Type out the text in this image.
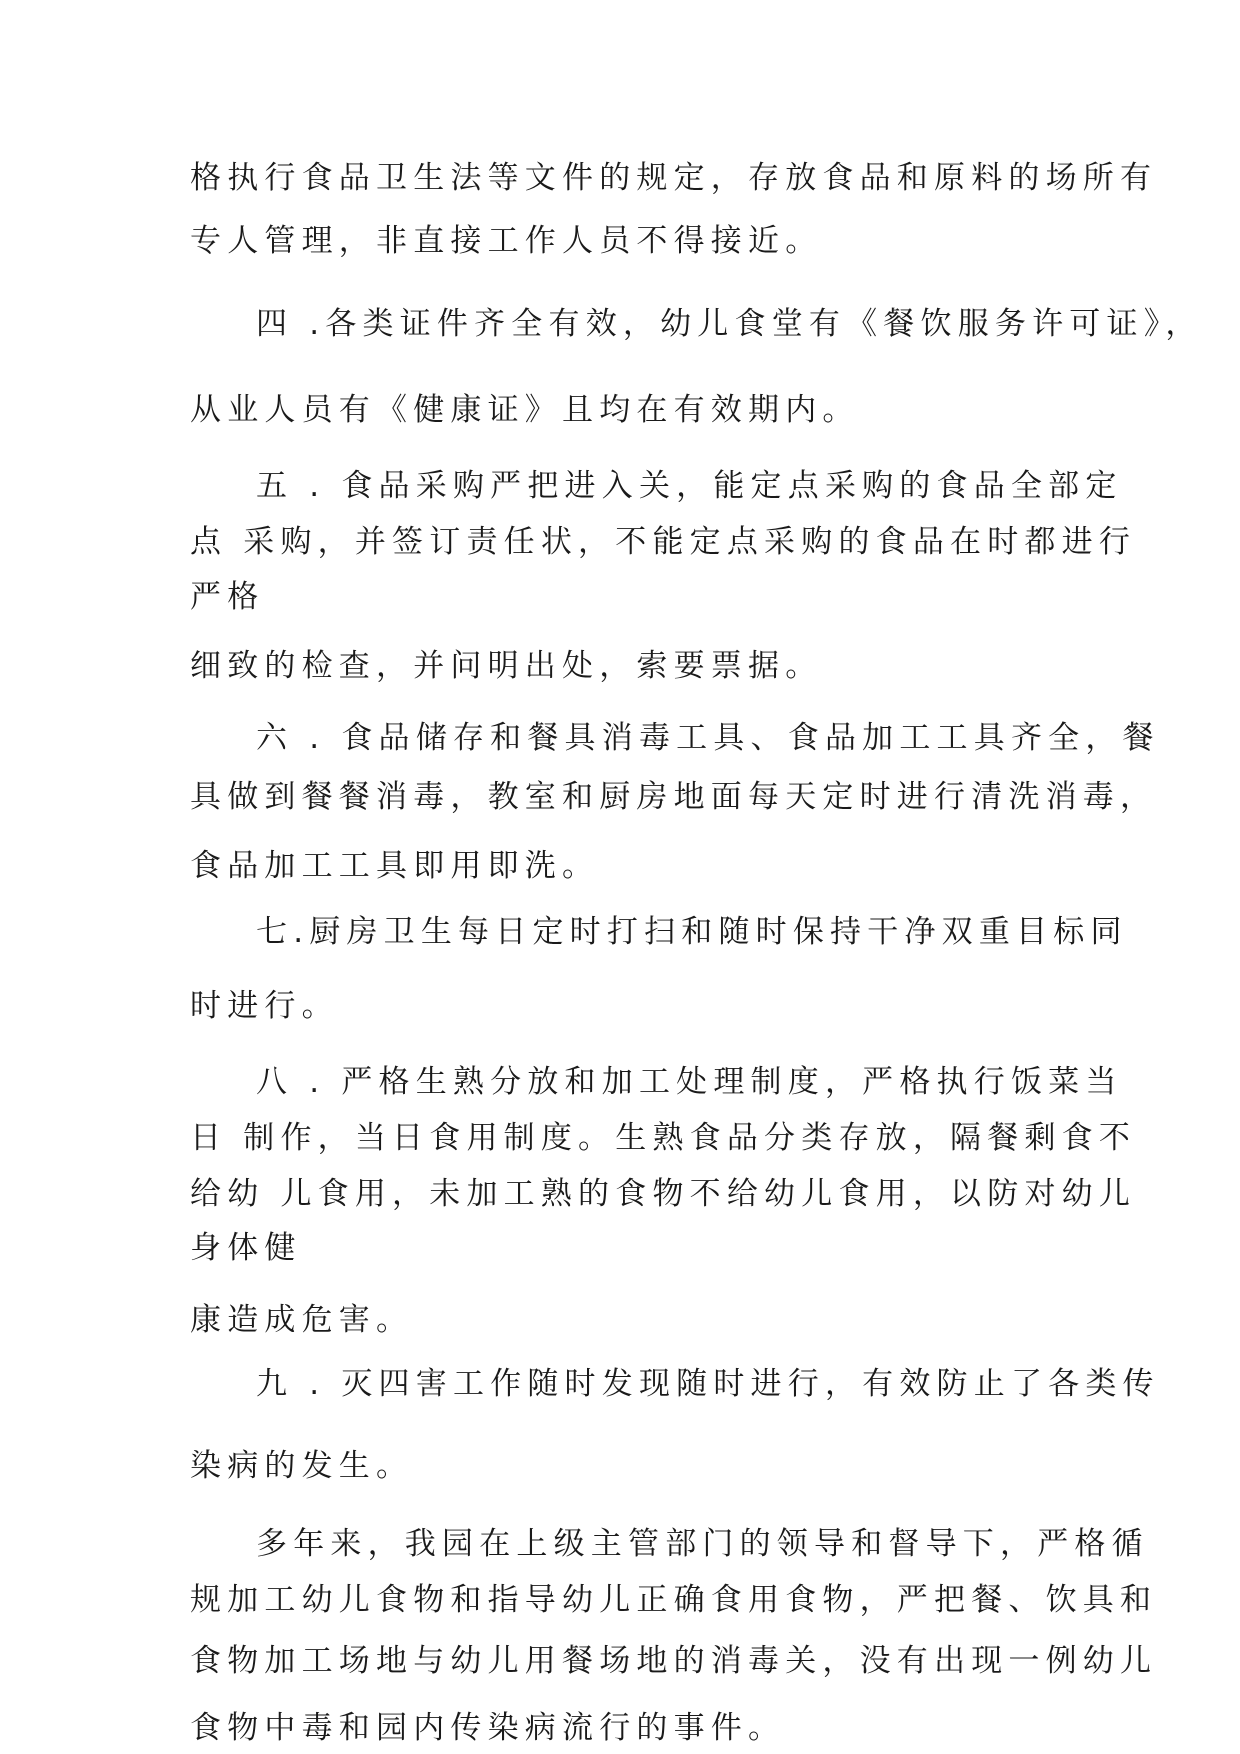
格执行食品卫生法等文件的规定，存放食品和原料的场所有
专人管理，非直接工作人员不得接近。
四 .各类证件齐全有效，幼儿食堂有《餐饮服务许可证》，
从业人员有《健康证》且均在有效期内。
五 . 食品采购严把进入关，能定点采购的食品全部定
点 采购，并签订责任状，不能定点采购的食品在时都进行
严格
细致的检查，并问明出处，索要票据。
六 . 食品储存和餐具消毒工具、食品加工工具齐全，餐
具做到餐餐消毒，教室和厨房地面每天定时进行清洗消毒，
食品加工工具即用即洗。
七.厨房卫生每日定时打扫和随时保持干净双重目标同
时进行。
八 . 严格生熟分放和加工处理制度，严格执行饭菜当
日 制作，当日食用制度。生熟食品分类存放，隔餐剩食不
给幼 儿食用，未加工熟的食物不给幼儿食用，以防对幼儿
身体健
康造成危害。
九 . 灭四害工作随时发现随时进行，有效防止了各类传
染病的发生。
多年来，我园在上级主管部门的领导和督导下，严格循
规加工幼儿食物和指导幼儿正确食用食物，严把餐、饮具和
食物加工场地与幼儿用餐场地的消毒关，没有出现一例幼儿
食物中毒和园内传染病流行的事件。
